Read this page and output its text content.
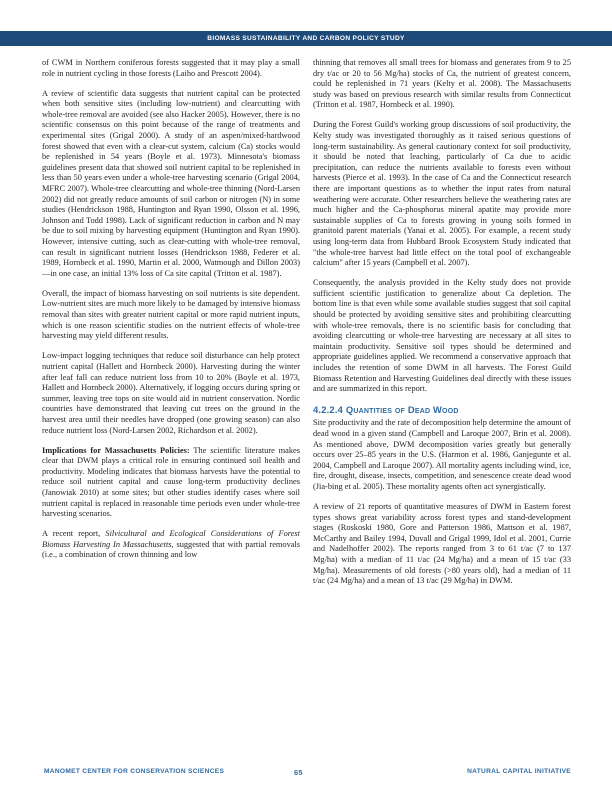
BIOMASS SUSTAINABILITY AND CARBON POLICY STUDY

of CWM in Northern coniferous forests suggested that it may play a small role in nutrient cycling in those forests (Laiho and Prescott 2004).

A review of scientific data suggests that nutrient capital can be protected when both sensitive sites (including low-nutrient) and clearcutting with whole-tree removal are avoided (see also Hacker 2005). However, there is no scientific consensus on this point because of the range of treatments and experimental sites (Grigal 2000). A study of an aspen/mixed-hardwood forest showed that even with a clear-cut system, calcium (Ca) stocks would be replenished in 54 years (Boyle et al. 1973). Minnesota's biomass guidelines present data that showed soil nutrient capital to be replenished in less than 50 years even under a whole-tree harvesting scenario (Grigal 2004, MFRC 2007). Whole-tree clearcutting and whole-tree thinning (Nord-Larsen 2002) did not greatly reduce amounts of soil carbon or nitrogen (N) in some studies (Hendrickson 1988, Huntington and Ryan 1990, Olsson et al. 1996, Johnson and Todd 1998). Lack of significant reduction in carbon and N may be due to soil mixing by harvesting equipment (Huntington and Ryan 1990). However, intensive cutting, such as clear-cutting with whole-tree removal, can result in significant nutrient losses (Hendrickson 1988, Federer et al. 1989, Hornbeck et al. 1990, Martin et al. 2000, Watmough and Dillon 2003)—in one case, an initial 13% loss of Ca site capital (Tritton et al. 1987).

Overall, the impact of biomass harvesting on soil nutrients is site dependent. Low-nutrient sites are much more likely to be damaged by intensive biomass removal than sites with greater nutrient capital or more rapid nutrient inputs, which is one reason scientific studies on the nutrient effects of whole-tree harvesting may yield different results.

Low-impact logging techniques that reduce soil disturbance can help protect nutrient capital (Hallett and Hornbeck 2000). Harvesting during the winter after leaf fall can reduce nutrient loss from 10 to 20% (Boyle et al. 1973, Hallett and Hornbeck 2000). Alternatively, if logging occurs during spring or summer, leaving tree tops on site would aid in nutrient conservation. Nordic countries have demonstrated that leaving cut trees on the ground in the harvest area until their needles have dropped (one growing season) can also reduce nutrient loss (Nord-Larsen 2002, Richardson et al. 2002).

Implications for Massachusetts Policies: The scientific literature makes clear that DWM plays a critical role in ensuring continued soil health and productivity. Modeling indicates that biomass harvests have the potential to reduce soil nutrient capital and cause long-term productivity declines (Janowiak 2010) at some sites; but other studies identify cases where soil nutrient capital is replaced in reasonable time periods even under whole-tree harvesting scenarios.

A recent report, Silvicultural and Ecological Considerations of Forest Biomass Harvesting In Massachusetts, suggested that with partial removals (i.e., a combination of crown thinning and low

thinning that removes all small trees for biomass and generates from 9 to 25 dry t/ac or 20 to 56 Mg/ha) stocks of Ca, the nutrient of greatest concern, could be replenished in 71 years (Kelty et al. 2008). The Massachusetts study was based on previous research with similar results from Connecticut (Tritton et al. 1987, Hornbeck et al. 1990).

During the Forest Guild's working group discussions of soil productivity, the Kelty study was investigated thoroughly as it raised serious questions of long-term sustainability. As general cautionary context for soil productivity, it should be noted that leaching, particularly of Ca due to acidic precipitation, can reduce the nutrients available to forests even without harvests (Pierce et al. 1993). In the case of Ca and the Connecticut research there are important questions as to whether the input rates from natural weathering were accurate. Other researchers believe the weathering rates are much higher and the Ca-phosphorus mineral apatite may provide more sustainable supplies of Ca to forests growing in young soils formed in granitoid parent materials (Yanai et al. 2005). For example, a recent study using long-term data from Hubbard Brook Ecosystem Study indicated that "the whole-tree harvest had little effect on the total pool of exchangeable calcium" after 15 years (Campbell et al. 2007).

Consequently, the analysis provided in the Kelty study does not provide sufficient scientific justification to generalize about Ca depletion. The bottom line is that even while some available studies suggest that soil capital should be protected by avoiding sensitive sites and prohibiting clearcutting with whole-tree removals, there is no scientific basis for concluding that avoiding clearcutting or whole-tree harvesting are necessary at all sites to maintain productivity. Sensitive soil types should be determined and appropriate guidelines applied. We recommend a conservative approach that includes the retention of some DWM in all harvests. The Forest Guild Biomass Retention and Harvesting Guidelines deal directly with these issues and are summarized in this report.

4.2.2.4 Quantities of Dead Wood

Site productivity and the rate of decomposition help determine the amount of dead wood in a given stand (Campbell and Laroque 2007, Brin et al. 2008). As mentioned above, DWM decomposition varies greatly but generally occurs over 25–85 years in the U.S. (Harmon et al. 1986, Ganjegunte et al. 2004, Campbell and Laroque 2007). All mortality agents including wind, ice, fire, drought, disease, insects, competition, and senescence create dead wood (Jia-bing et al. 2005). These mortality agents often act synergistically.

A review of 21 reports of quantitative measures of DWM in Eastern forest types shows great variability across forest types and stand-development stages (Roskoski 1980, Gore and Patterson 1986, Mattson et al. 1987, McCarthy and Bailey 1994, Duvall and Grigal 1999, Idol et al. 2001, Currie and Nadelhoffer 2002). The reports ranged from 3 to 61 t/ac (7 to 137 Mg/ha) with a median of 11 t/ac (24 Mg/ha) and a mean of 15 t/ac (33 Mg/ha). Measurements of old forests (>80 years old), had a median of 11 t/ac (24 Mg/ha) and a mean of 13 t/ac (29 Mg/ha) in DWM.

MANOMET CENTER FOR CONSERVATION SCIENCES	65	NATURAL CAPITAL INITIATIVE
